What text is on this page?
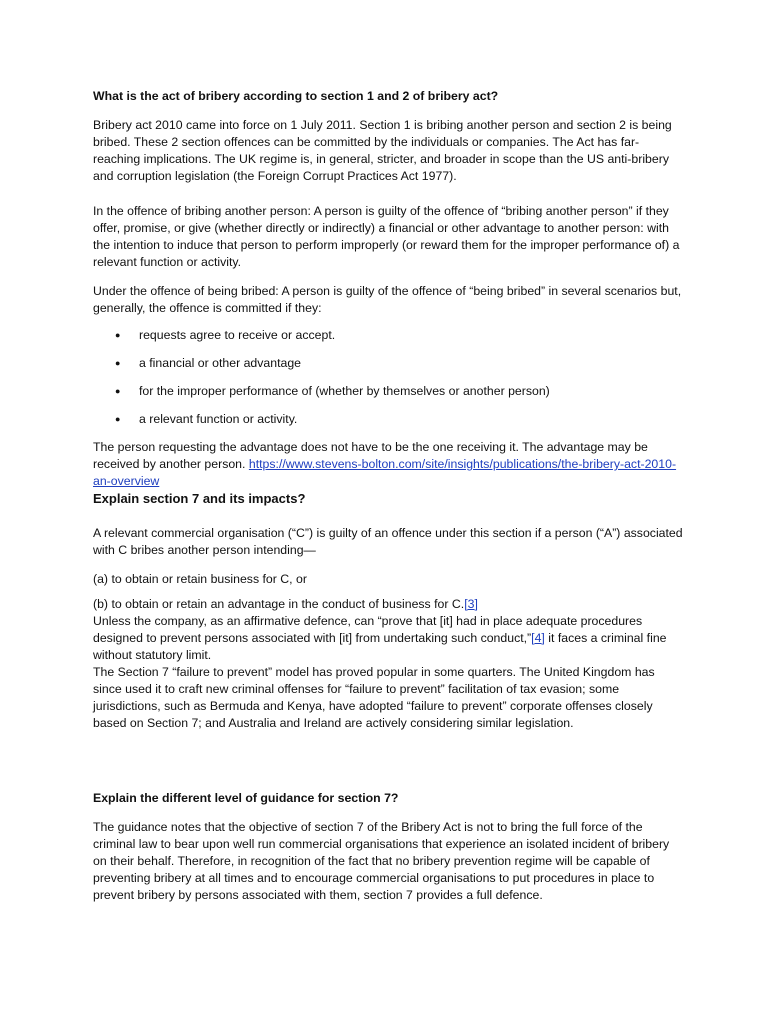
What is the act of bribery according to section 1 and 2 of bribery act?

Bribery act 2010 came into force on 1 July 2011. Section 1 is bribing another person and section 2 is being bribed. These 2 section offences can be committed by the individuals or companies. The Act has far-reaching implications. The UK regime is, in general, stricter, and broader in scope than the US anti-bribery and corruption legislation (the Foreign Corrupt Practices Act 1977).

In the offence of bribing another person: A person is guilty of the offence of “bribing another person” if they offer, promise, or give (whether directly or indirectly) a financial or other advantage to another person: with the intention to induce that person to perform improperly (or reward them for the improper performance of) a relevant function or activity.

Under the offence of being bribed: A person is guilty of the offence of “being bribed” in several scenarios but, generally, the offence is committed if they:

● requests agree to receive or accept.
● a financial or other advantage
● for the improper performance of (whether by themselves or another person)
● a relevant function or activity.

The person requesting the advantage does not have to be the one receiving it. The advantage may be received by another person. https://www.stevens-bolton.com/site/insights/publications/the-bribery-act-2010-an-overview

Explain section 7 and its impacts?

A relevant commercial organisation (“C”) is guilty of an offence under this section if a person (“A”) associated with C bribes another person intending—

(a) to obtain or retain business for C, or

(b) to obtain or retain an advantage in the conduct of business for C.[3]

Unless the company, as an affirmative defence, can “prove that [it] had in place adequate procedures designed to prevent persons associated with [it] from undertaking such conduct,”[4] it faces a criminal fine without statutory limit.

The Section 7 “failure to prevent” model has proved popular in some quarters. The United Kingdom has since used it to craft new criminal offenses for “failure to prevent” facilitation of tax evasion; some jurisdictions, such as Bermuda and Kenya, have adopted “failure to prevent” corporate offenses closely based on Section 7; and Australia and Ireland are actively considering similar legislation.

Explain the different level of guidance for section 7?

The guidance notes that the objective of section 7 of the Bribery Act is not to bring the full force of the criminal law to bear upon well run commercial organisations that experience an isolated incident of bribery on their behalf. Therefore, in recognition of the fact that no bribery prevention regime will be capable of preventing bribery at all times and to encourage commercial organisations to put procedures in place to prevent bribery by persons associated with them, section 7 provides a full defence.
